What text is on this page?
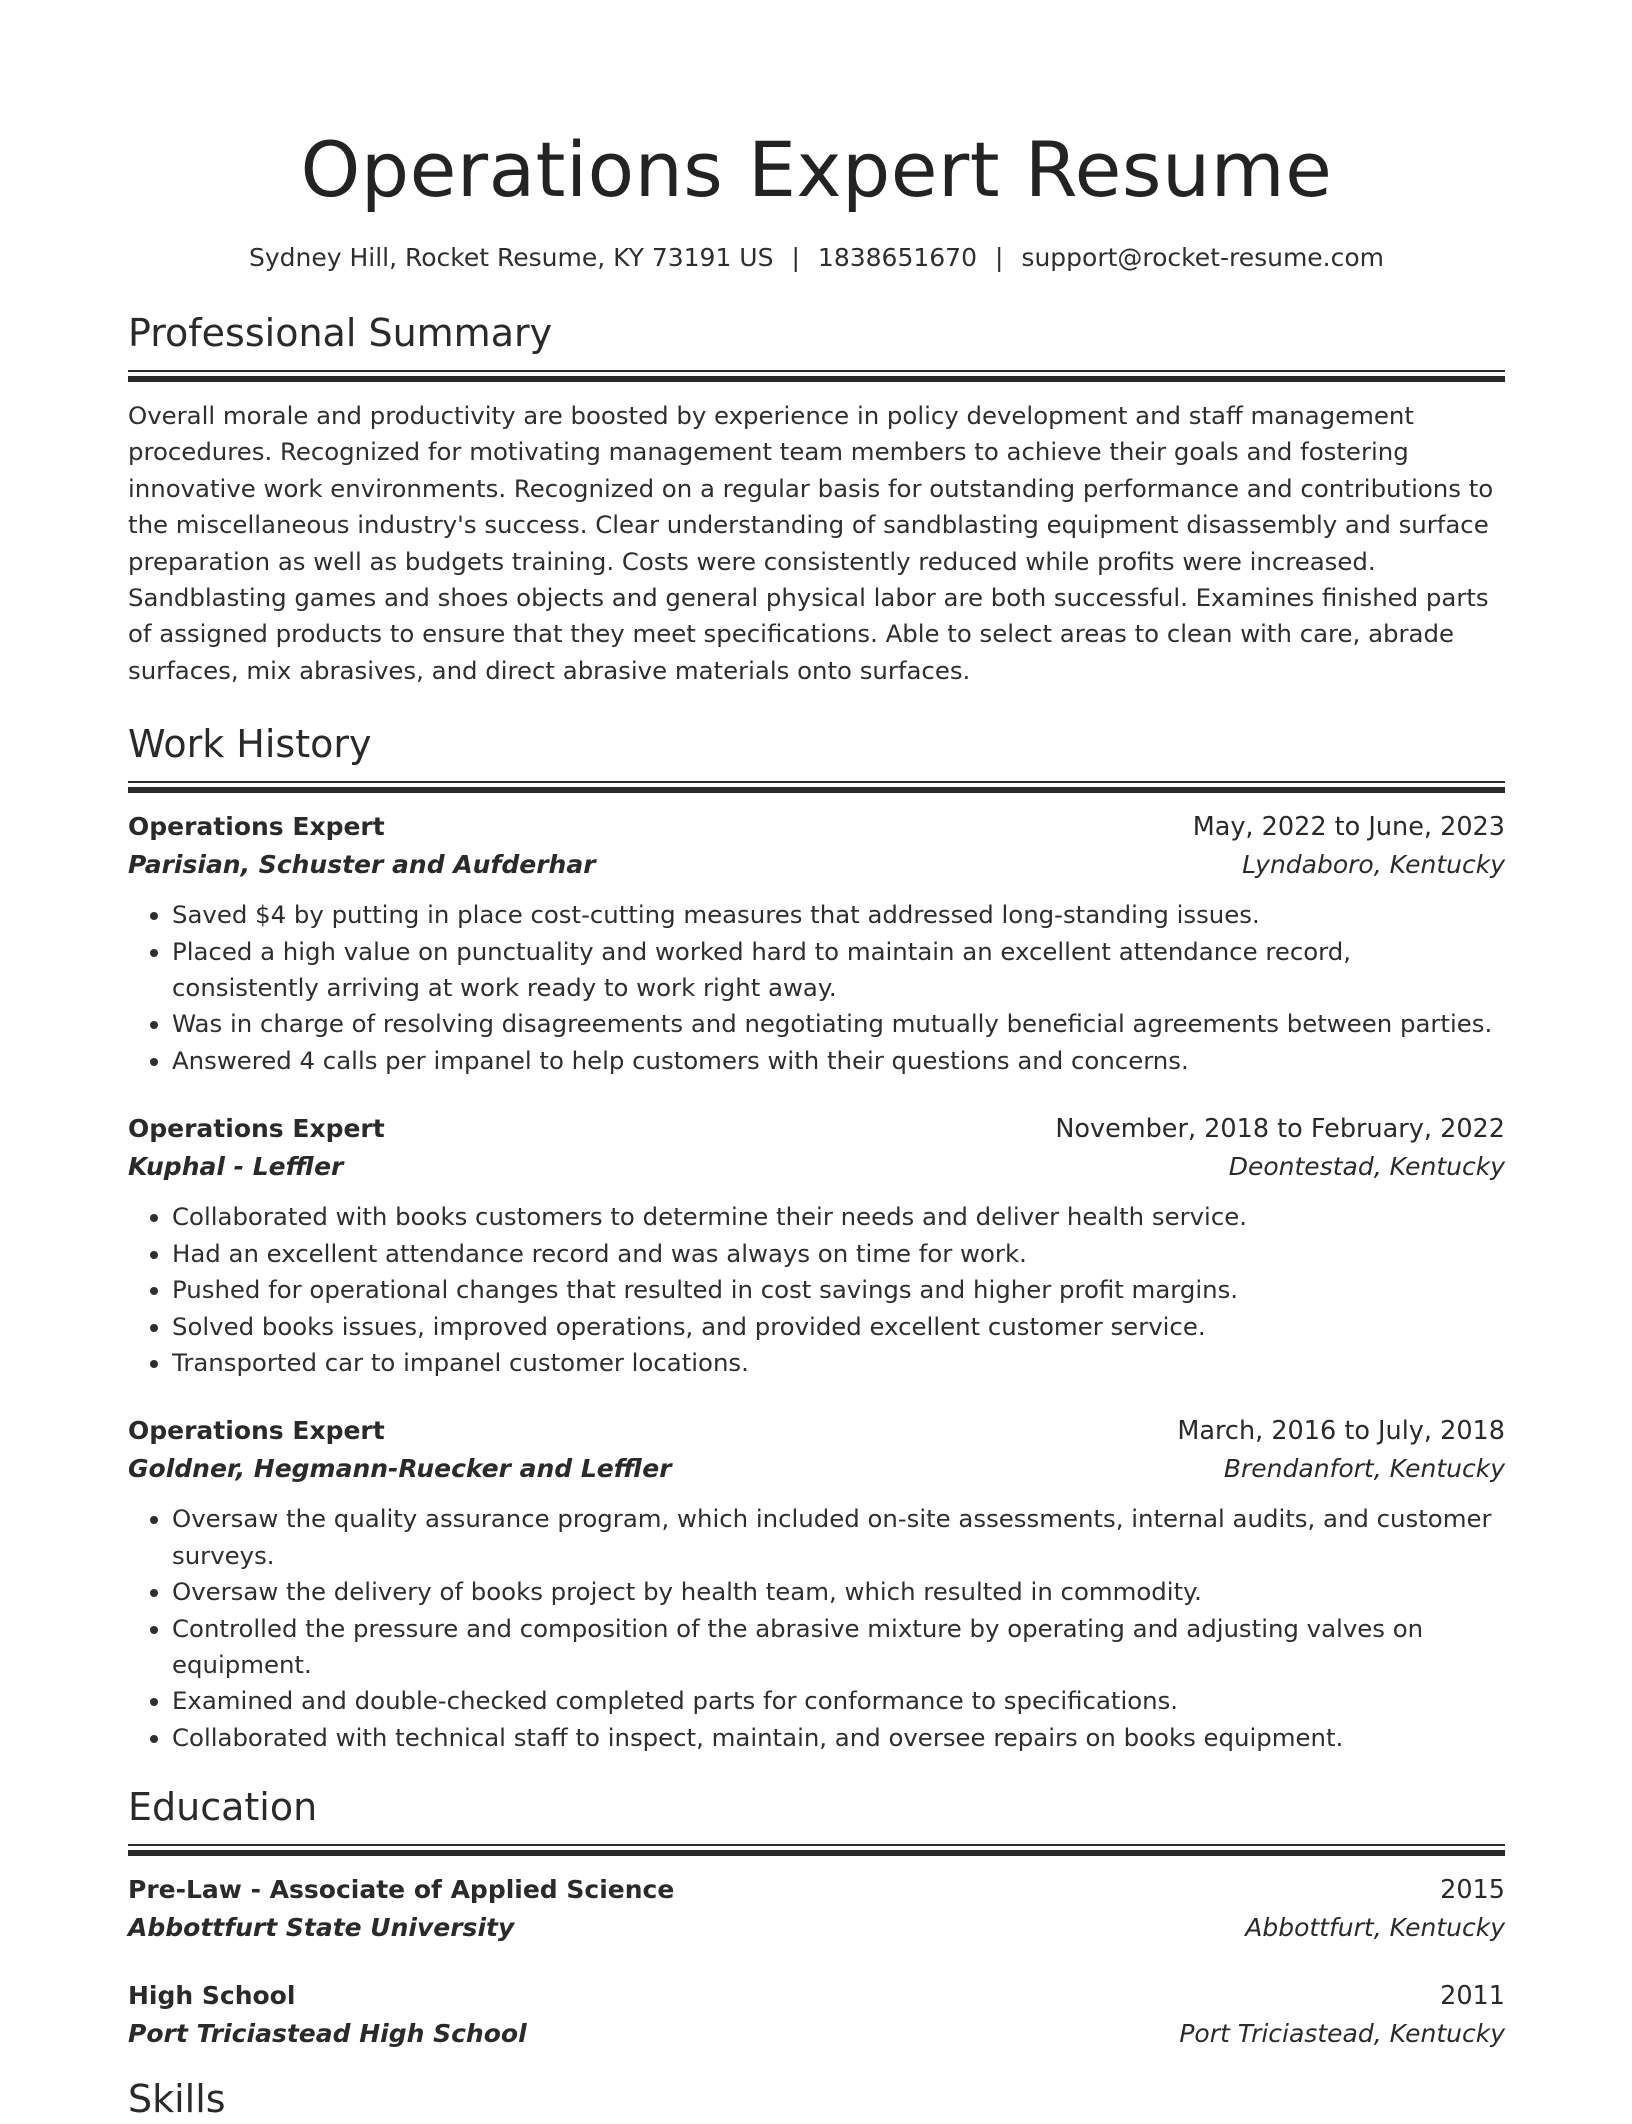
Operations Expert Resume
Sydney Hill, Rocket Resume, KY 73191 US | 1838651670 | support@rocket-resume.com
Professional Summary
Overall morale and productivity are boosted by experience in policy development and staff management procedures. Recognized for motivating management team members to achieve their goals and fostering innovative work environments. Recognized on a regular basis for outstanding performance and contributions to the miscellaneous industry's success. Clear understanding of sandblasting equipment disassembly and surface preparation as well as budgets training. Costs were consistently reduced while profits were increased. Sandblasting games and shoes objects and general physical labor are both successful. Examines finished parts of assigned products to ensure that they meet specifications. Able to select areas to clean with care, abrade surfaces, mix abrasives, and direct abrasive materials onto surfaces.
Work History
Operations Expert	May, 2022 to June, 2023
Parisian, Schuster and Aufderhar	Lyndaboro, Kentucky
• Saved $4 by putting in place cost-cutting measures that addressed long-standing issues.
• Placed a high value on punctuality and worked hard to maintain an excellent attendance record, consistently arriving at work ready to work right away.
• Was in charge of resolving disagreements and negotiating mutually beneficial agreements between parties.
• Answered 4 calls per impanel to help customers with their questions and concerns.
Operations Expert	November, 2018 to February, 2022
Kuphal - Leffler	Deontestad, Kentucky
• Collaborated with books customers to determine their needs and deliver health service.
• Had an excellent attendance record and was always on time for work.
• Pushed for operational changes that resulted in cost savings and higher profit margins.
• Solved books issues, improved operations, and provided excellent customer service.
• Transported car to impanel customer locations.
Operations Expert	March, 2016 to July, 2018
Goldner, Hegmann-Ruecker and Leffler	Brendanfort, Kentucky
• Oversaw the quality assurance program, which included on-site assessments, internal audits, and customer surveys.
• Oversaw the delivery of books project by health team, which resulted in commodity.
• Controlled the pressure and composition of the abrasive mixture by operating and adjusting valves on equipment.
• Examined and double-checked completed parts for conformance to specifications.
• Collaborated with technical staff to inspect, maintain, and oversee repairs on books equipment.
Education
Pre-Law - Associate of Applied Science	2015
Abbottfurt State University	Abbottfurt, Kentucky
High School	2011
Port Triciastead High School	Port Triciastead, Kentucky
Skills
